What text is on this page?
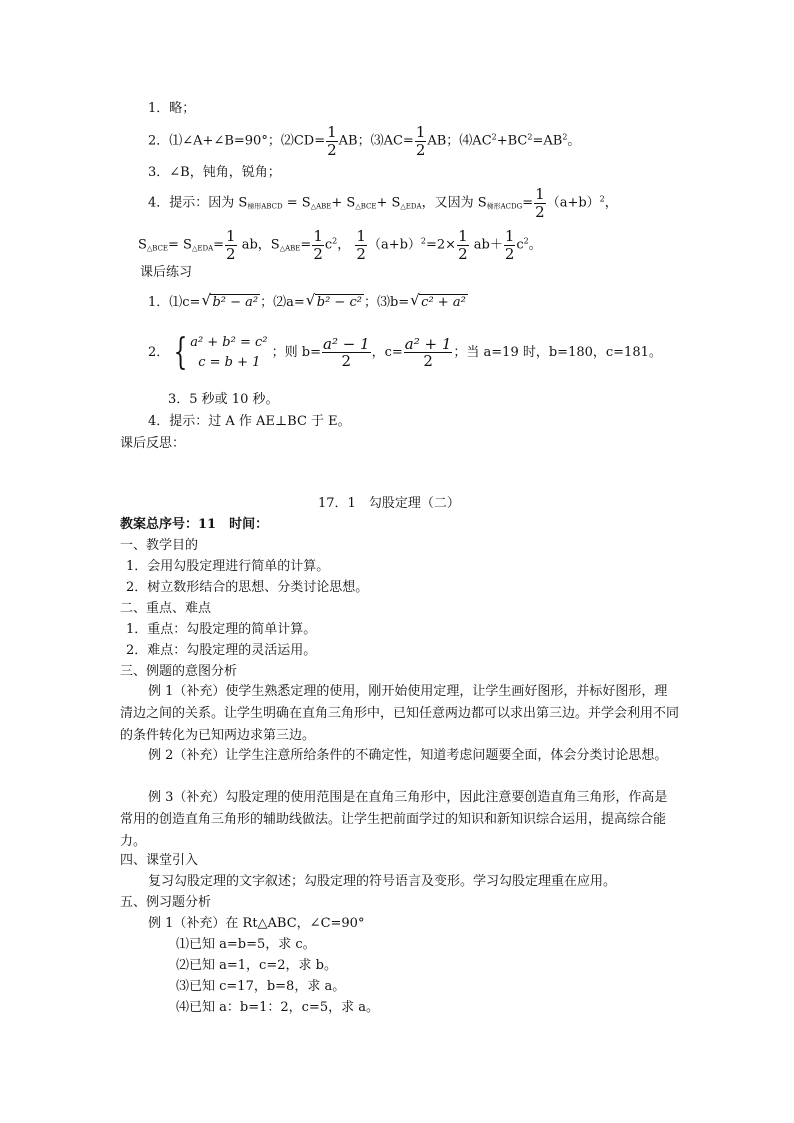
1．略；
2．⑴∠A+∠B=90°；⑵CD= $\frac{1}{2}$ AB；⑶AC= $\frac{1}{2}$ AB；$⑷AC^2+BC^2=AB^2$。
3．∠B，钝角，锐角；
4．提示：因为 $S_{梯形ABCD} = S_{\triangle ABE}+ S_{\triangle BCE}+ S_{\triangle EDA}$，又因为 $S_{梯形ACDG}= \frac{1}{2} (a+b)^2$，
$S_{\triangle BCE}= S_{\triangle EDA}= \frac{1}{2}$ ab，$S_{\triangle ABE}= \frac{1}{2} c^2$， $\frac{1}{2} (a+b)^2=2\times \frac{1}{2} ab+ \frac{1}{2} c^2$。
课后练习
1．⑴c= √ b² − a² ；⑵a= √ b² − c² ；⑶b= √ c² + a²
2． { a² + b² = c²
c = b + 1
；则 $b= \frac{\text{a² − 1}}{2}$ ，$c= \frac{\text{a² + 1}}{2}$ ；当 a=19 时，b=180，c=181。
3．5 秒或 10 秒。
4．提示：过 A 作 AE⊥BC 于 E。
课后反思：
17．1　勾股定理（二）
教案总序号：11　时间：
一、教学目的
1．会用勾股定理进行简单的计算。
2．树立数形结合的思想、分类讨论思想。
二、重点、难点
1．重点：勾股定理的简单计算。
2．难点：勾股定理的灵活运用。
三、例题的意图分析
例 1（补充）使学生熟悉定理的使用，刚开始使用定理，让学生画好图形，并标好图形，理清边之间的关系。让学生明确在直角三角形中，已知任意两边都可以求出第三边。并学会利用不同的条件转化为已知两边求第三边。
例 2（补充）让学生注意所给条件的不确定性，知道考虑问题要全面，体会分类讨论思想。
例 3（补充）勾股定理的使用范围是在直角三角形中，因此注意要创造直角三角形，作高是常用的创造直角三角形的辅助线做法。让学生把前面学过的知识和新知识综合运用，提高综合能力。
四、课堂引入
复习勾股定理的文字叙述；勾股定理的符号语言及变形。学习勾股定理重在应用。
五、例习题分析
例 1（补充）在 Rt△ABC，∠C=90°
⑴已知 a=b=5，求 c。
⑵已知 a=1，c=2，求 b。
⑶已知 c=17，b=8，求 a。
⑷已知 a：b=1：2，c=5，求 a。
